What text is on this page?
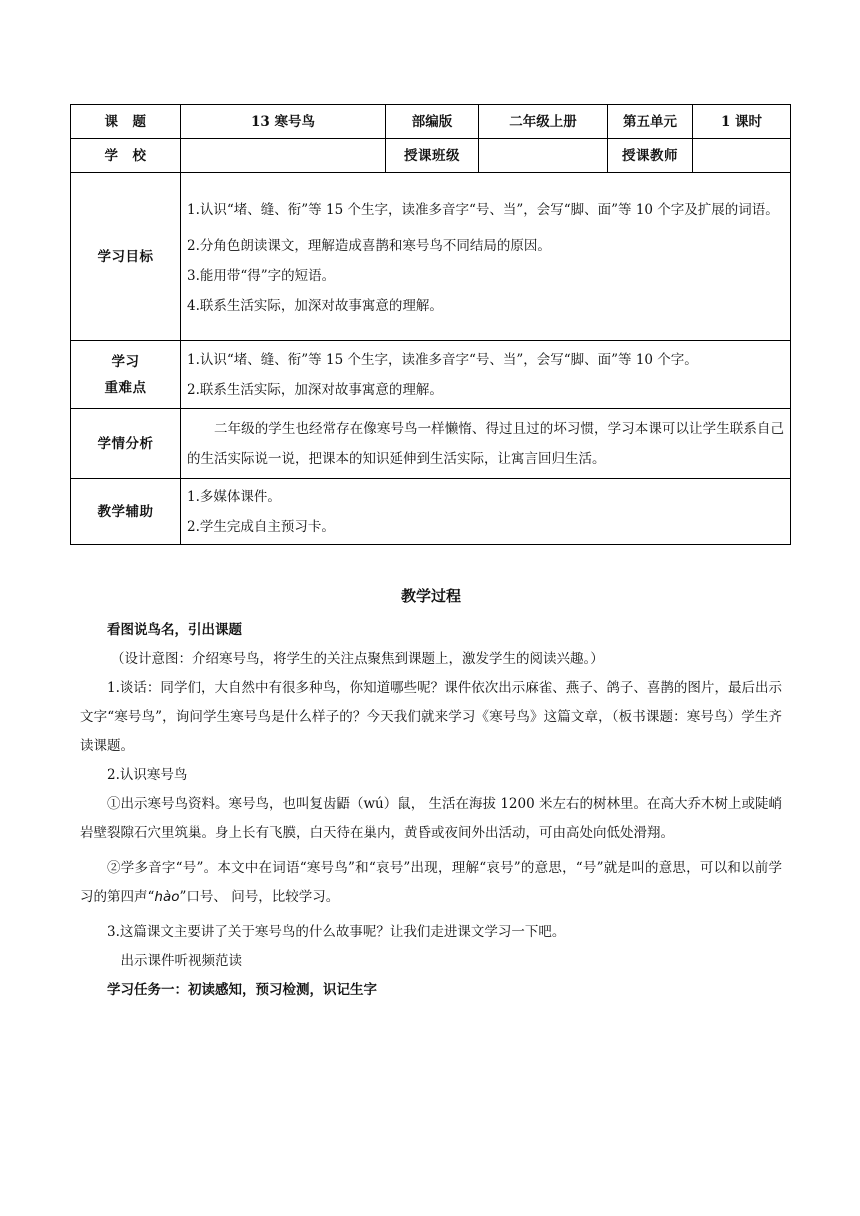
课　题	13 寒号鸟	部编版	二年级上册	第五单元	1 课时
学　校		授课班级		授课教师	
学习目标	1.认识“堵、缝、衔”等 15 个生字，读准多音字“号、当”，会写“脚、面”等 10 个字及扩展的词语。
2.分角色朗读课文，理解造成喜鹊和寒号鸟不同结局的原因。
3.能用带“得”字的短语。
4.联系生活实际，加深对故事寓意的理解。				

学习
重难点	1.认识“堵、缝、衔”等 15 个生字，读准多音字“号、当”，会写“脚、面”等 10 个字。
2.联系生活实际，加深对故事寓意的理解。				

学情分析	二年级的学生也经常存在像寒号鸟一样懒惰、得过且过的坏习惯，学习本课可以让学生联系自己的生活实际说一说，把课本的知识延伸到生活实际，让寓言回归生活。				

教学辅助	1.多媒体课件。
2.学生完成自主预习卡。				
教学过程

看图说鸟名，引出课题

（设计意图：介绍寒号鸟，将学生的关注点聚焦到课题上，激发学生的阅读兴趣。）

1.谈话：同学们，大自然中有很多种鸟，你知道哪些呢？课件依次出示麻雀、燕子、鸽子、喜鹊的图片，最后出示文字“寒号鸟”，询问学生寒号鸟是什么样子的？今天我们就来学习《寒号鸟》这篇文章，（板书课题：寒号鸟）学生齐读课题。

2.认识寒号鸟

①出示寒号鸟资料。寒号鸟，也叫复齿鼯（wú）鼠， 生活在海拔 1200 米左右的树林里。在高大乔木树上或陡峭岩壁裂隙石穴里筑巢。身上长有飞膜，白天待在巢内，黄昏或夜间外出活动，可由高处向低处滑翔。

②学多音字“号”。本文中在词语“寒号鸟”和“哀号”出现，理解“哀号”的意思，“号”就是叫的意思，可以和以前学习的第四声“hào”口号、 问号，比较学习。

3.这篇课文主要讲了关于寒号鸟的什么故事呢？让我们走进课文学习一下吧。

出示课件听视频范读

学习任务一：初读感知，预习检测，识记生字
